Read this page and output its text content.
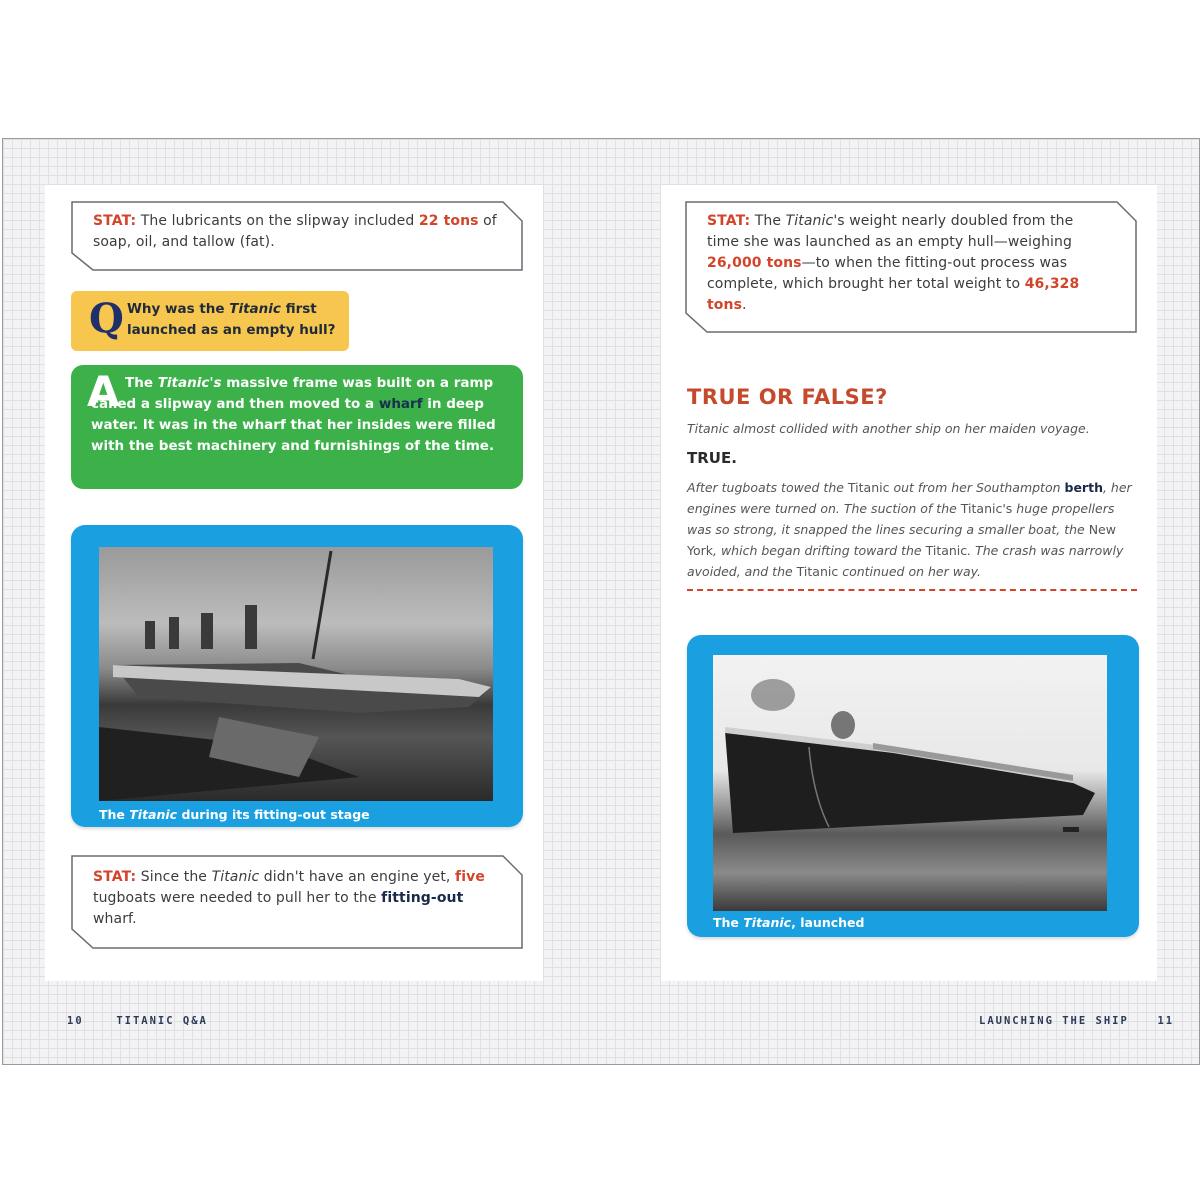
STAT: The lubricants on the slipway included 22 tons of soap, oil, and tallow (fat).
Q Why was the Titanic first launched as an empty hull?
A The Titanic's massive frame was built on a ramp called a slipway and then moved to a wharf in deep water. It was in the wharf that her insides were filled with the best machinery and furnishings of the time.
The Titanic during its fitting-out stage
STAT: Since the Titanic didn't have an engine yet, five tugboats were needed to pull her to the fitting-out wharf.
10	TITANIC Q&A
STAT: The Titanic's weight nearly doubled from the time she was launched as an empty hull—weighing 26,000 tons—to when the fitting-out process was complete, which brought her total weight to 46,328 tons.
TRUE OR FALSE?
Titanic almost collided with another ship on her maiden voyage.
TRUE.
After tugboats towed the Titanic out from her Southampton berth, her engines were turned on. The suction of the Titanic's huge propellers was so strong, it snapped the lines securing a smaller boat, the New York, which began drifting toward the Titanic. The crash was narrowly avoided, and the Titanic continued on her way.
The Titanic, launched
LAUNCHING THE SHIP	11
